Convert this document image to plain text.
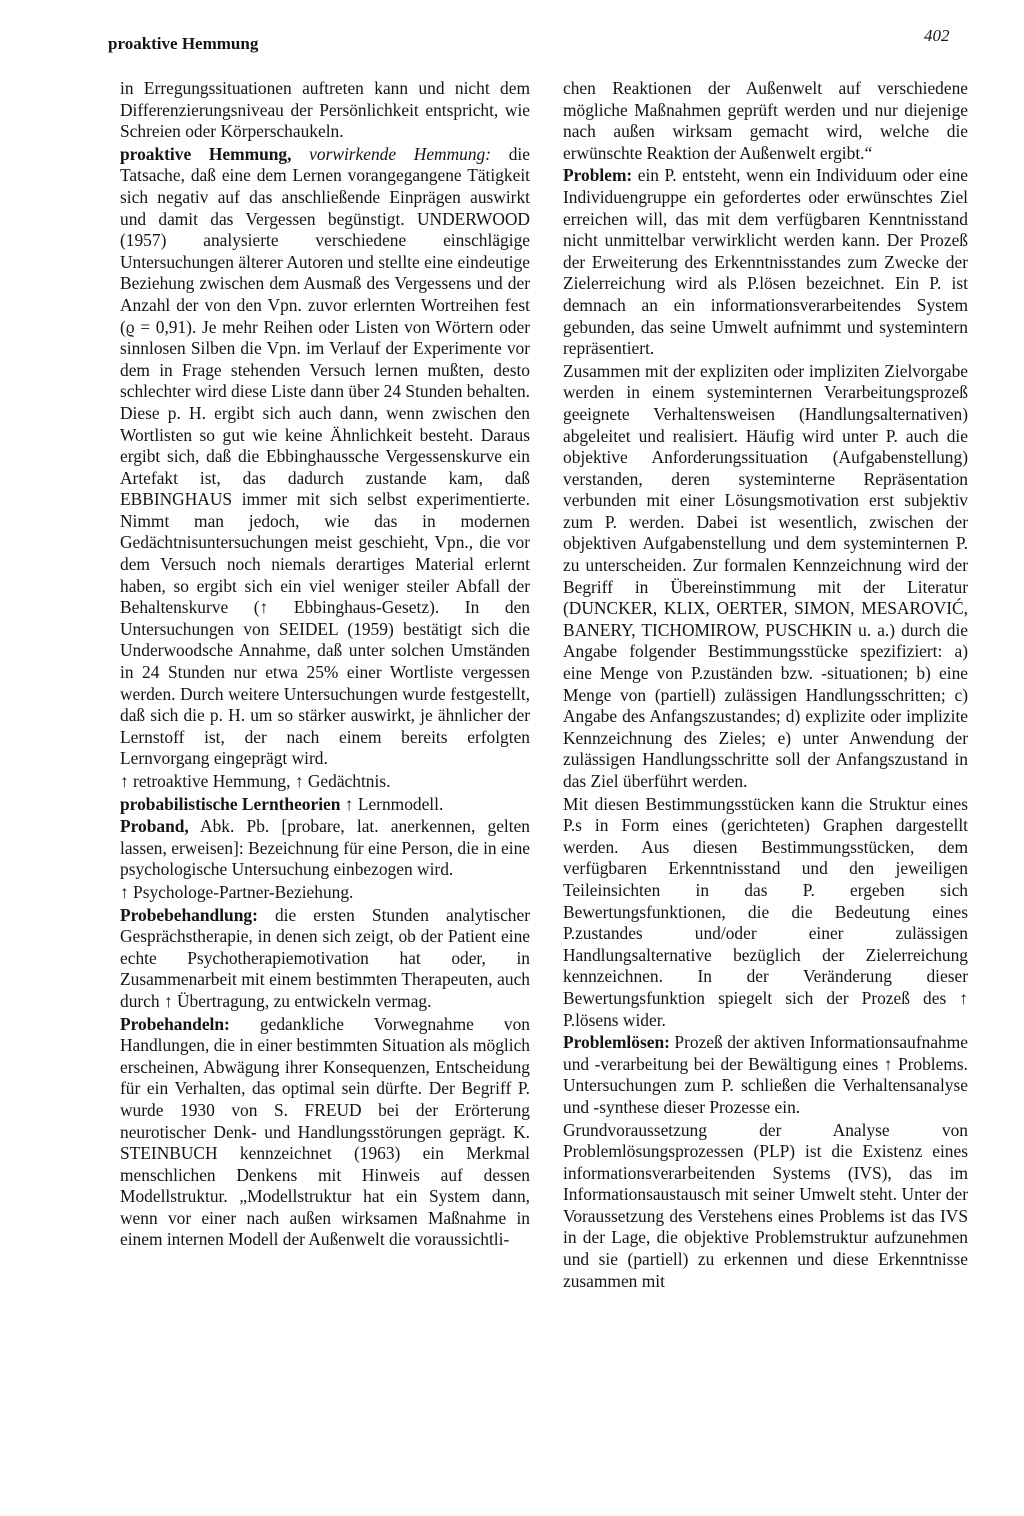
proaktive Hemmung	402

in Erregungssituationen auftreten kann und nicht dem Differenzierungsniveau der Persönlichkeit entspricht, wie Schreien oder Körperschaukeln.

proaktive Hemmung, vorwirkende Hemmung: die Tatsache, daß eine dem Lernen vorangegangene Tätigkeit sich negativ auf das anschließende Einprägen auswirkt und damit das Vergessen begünstigt. UNDERWOOD (1957) analysierte verschiedene einschlägige Untersuchungen älterer Autoren und stellte eine eindeutige Beziehung zwischen dem Ausmaß des Vergessens und der Anzahl der von den Vpn. zuvor erlernten Wortreihen fest (ϱ = 0,91). Je mehr Reihen oder Listen von Wörtern oder sinnlosen Silben die Vpn. im Verlauf der Experimente vor dem in Frage stehenden Versuch lernen mußten, desto schlechter wird diese Liste dann über 24 Stunden behalten. Diese p. H. ergibt sich auch dann, wenn zwischen den Wortlisten so gut wie keine Ähnlichkeit besteht. Daraus ergibt sich, daß die Ebbinghaussche Vergessenskurve ein Artefakt ist, das dadurch zustande kam, daß EBBINGHAUS immer mit sich selbst experimentierte. Nimmt man jedoch, wie das in modernen Gedächtnisuntersuchungen meist geschieht, Vpn., die vor dem Versuch noch niemals derartiges Material erlernt haben, so ergibt sich ein viel weniger steiler Abfall der Behaltenskurve (↑ Ebbinghaus-Gesetz). In den Untersuchungen von SEIDEL (1959) bestätigt sich die Underwoodsche Annahme, daß unter solchen Umständen in 24 Stunden nur etwa 25% einer Wortliste vergessen werden. Durch weitere Untersuchungen wurde festgestellt, daß sich die p. H. um so stärker auswirkt, je ähnlicher der Lernstoff ist, der nach einem bereits erfolgten Lernvorgang eingeprägt wird.

↑ retroaktive Hemmung, ↑ Gedächtnis.

probabilistische Lerntheorien ↑ Lernmodell.

Proband, Abk. Pb. [probare, lat. anerkennen, gelten lassen, erweisen]: Bezeichnung für eine Person, die in eine psychologische Untersuchung einbezogen wird.

↑ Psychologe-Partner-Beziehung.

Probebehandlung: die ersten Stunden analytischer Gesprächstherapie, in denen sich zeigt, ob der Patient eine echte Psychotherapiemotivation hat oder, in Zusammenarbeit mit einem bestimmten Therapeuten, auch durch ↑ Übertragung, zu entwickeln vermag.

Probehandeln: gedankliche Vorwegnahme von Handlungen, die in einer bestimmten Situation als möglich erscheinen, Abwägung ihrer Konsequenzen, Entscheidung für ein Verhalten, das optimal sein dürfte. Der Begriff P. wurde 1930 von S. FREUD bei der Erörterung neurotischer Denk- und Handlungsstörungen geprägt. K. STEINBUCH kennzeichnet (1963) ein Merkmal menschlichen Denkens mit Hinweis auf dessen Modellstruktur. „Modellstruktur hat ein System dann, wenn vor einer nach außen wirksamen Maßnahme in einem internen Modell der Außenwelt die voraussichtli-

chen Reaktionen der Außenwelt auf verschiedene mögliche Maßnahmen geprüft werden und nur diejenige nach außen wirksam gemacht wird, welche die erwünschte Reaktion der Außenwelt ergibt.“

Problem: ein P. entsteht, wenn ein Individuum oder eine Individuengruppe ein gefordertes oder erwünschtes Ziel erreichen will, das mit dem verfügbaren Kenntnisstand nicht unmittelbar verwirklicht werden kann. Der Prozeß der Erweiterung des Erkenntnisstandes zum Zwecke der Zielerreichung wird als P.lösen bezeichnet. Ein P. ist demnach an ein informationsverarbeitendes System gebunden, das seine Umwelt aufnimmt und systemintern repräsentiert.

Zusammen mit der expliziten oder impliziten Zielvorgabe werden in einem systeminternen Verarbeitungsprozeß geeignete Verhaltensweisen (Handlungsalternativen) abgeleitet und realisiert. Häufig wird unter P. auch die objektive Anforderungssituation (Aufgabenstellung) verstanden, deren systeminterne Repräsentation verbunden mit einer Lösungsmotivation erst subjektiv zum P. werden. Dabei ist wesentlich, zwischen der objektiven Aufgabenstellung und dem systeminternen P. zu unterscheiden. Zur formalen Kennzeichnung wird der Begriff in Übereinstimmung mit der Literatur (DUNCKER, KLIX, OERTER, SIMON, MESAROVIĆ, BANERY, TICHOMIROW, PUSCHKIN u. a.) durch die Angabe folgender Bestimmungsstücke spezifiziert: a) eine Menge von P.zuständen bzw. -situationen; b) eine Menge von (partiell) zulässigen Handlungsschritten; c) Angabe des Anfangszustandes; d) explizite oder implizite Kennzeichnung des Zieles; e) unter Anwendung der zulässigen Handlungsschritte soll der Anfangszustand in das Ziel überführt werden.

Mit diesen Bestimmungsstücken kann die Struktur eines P.s in Form eines (gerichteten) Graphen dargestellt werden. Aus diesen Bestimmungsstücken, dem verfügbaren Erkenntnisstand und den jeweiligen Teileinsichten in das P. ergeben sich Bewertungsfunktionen, die die Bedeutung eines P.zustandes und/oder einer zulässigen Handlungsalternative bezüglich der Zielerreichung kennzeichnen. In der Veränderung dieser Bewertungsfunktion spiegelt sich der Prozeß des ↑ P.lösens wider.

Problemlösen: Prozeß der aktiven Informationsaufnahme und -verarbeitung bei der Bewältigung eines ↑ Problems. Untersuchungen zum P. schließen die Verhaltensanalyse und -synthese dieser Prozesse ein.

Grundvoraussetzung der Analyse von Problemlösungsprozessen (PLP) ist die Existenz eines informationsverarbeitenden Systems (IVS), das im Informationsaustausch mit seiner Umwelt steht. Unter der Voraussetzung des Verstehens eines Problems ist das IVS in der Lage, die objektive Problemstruktur aufzunehmen und sie (partiell) zu erkennen und diese Erkenntnisse zusammen mit
